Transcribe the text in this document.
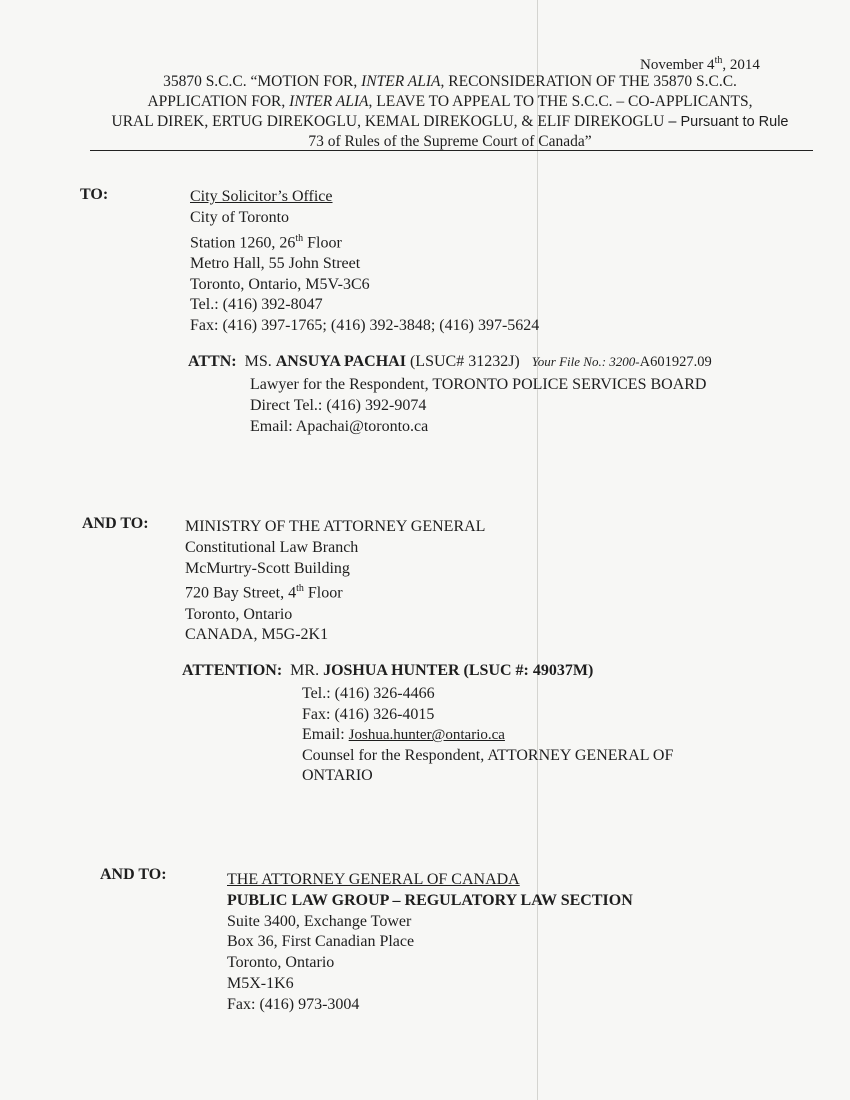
November 4th, 2014
35870 S.C.C. “MOTION FOR, INTER ALIA, RECONSIDERATION OF THE 35870 S.C.C.
APPLICATION FOR, INTER ALIA, LEAVE TO APPEAL TO THE S.C.C. – CO-APPLICANTS,
URAL DIREK, ERTUG DIREKOGLU, KEMAL DIREKOGLU, & ELIF DIREKOGLU – Pursuant to Rule
73 of Rules of the Supreme Court of Canada”
TO:	City Solicitor’s Office
City of Toronto
Station 1260, 26th Floor
Metro Hall, 55 John Street
Toronto, Ontario, M5V-3C6
Tel.: (416) 392-8047
Fax: (416) 397-1765; (416) 392-3848; (416) 397-5624
ATTN: MS. ANSUYA PACHAI (LSUC# 31232J) Your File No.: 3200-A601927.09
Lawyer for the Respondent, TORONTO POLICE SERVICES BOARD
Direct Tel.: (416) 392-9074
Email: Apachai@toronto.ca
AND TO: MINISTRY OF THE ATTORNEY GENERAL
Constitutional Law Branch
McMurtry-Scott Building
720 Bay Street, 4th Floor
Toronto, Ontario
CANADA, M5G-2K1
ATTENTION: MR. JOSHUA HUNTER (LSUC #: 49037M)
Tel.: (416) 326-4466
Fax: (416) 326-4015
Email: Joshua.hunter@ontario.ca
Counsel for the Respondent, ATTORNEY GENERAL OF
ONTARIO
AND TO:	THE ATTORNEY GENERAL OF CANADA
PUBLIC LAW GROUP – REGULATORY LAW SECTION
Suite 3400, Exchange Tower
Box 36, First Canadian Place
Toronto, Ontario
M5X-1K6
Fax: (416) 973-3004
